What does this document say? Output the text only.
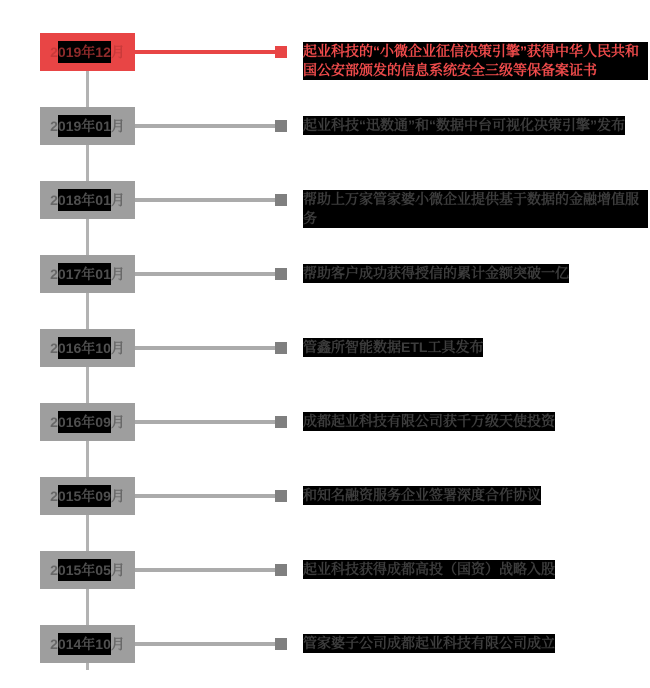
2 019年12 月	起业科技的“小微企业征信决策引擎”获得中华人民共和国公安部颁发的信息系统安全三级等保备案证书
2 019年01 月	起业科技“迅数通”和“数据中台可视化决策引擎”发布
2 018年01 月	帮助上万家管家婆小微企业提供基于数据的金融增值服务
2 017年01 月	帮助客户成功获得授信的累计金额突破一亿
2 016年10 月	管鑫所智能数据ETL工具发布
2 016年09 月	成都起业科技有限公司获千万级天使投资
2 015年09 月	和知名融资服务企业签署深度合作协议
2 015年05 月	起业科技获得成都高投（国资）战略入股
2 014年10 月	管家婆子公司成都起业科技有限公司成立
